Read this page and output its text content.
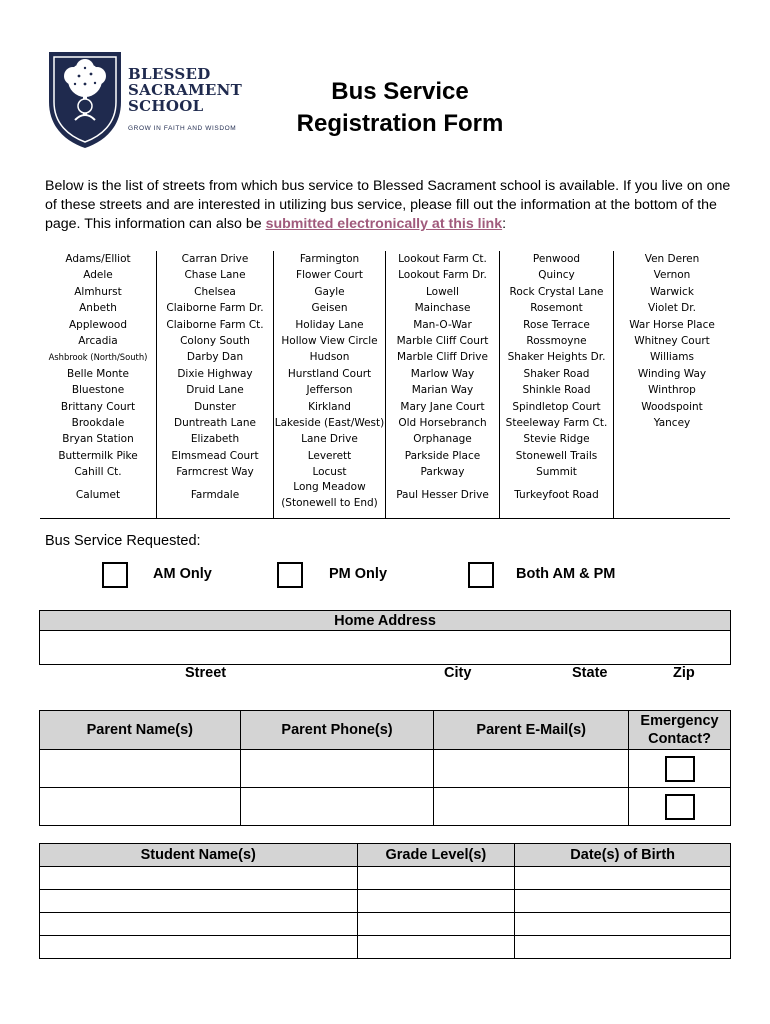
BLESSED
SACRAMENT
SCHOOL
GROW IN FAITH AND WISDOM
Bus Service
Registration Form

Below is the list of streets from which bus service to Blessed Sacrament school is available. If you live on one of these streets and are interested in utilizing bus service, please fill out the information at the bottom of the page. This information can also be submitted electronically at this link:

Adams/Elliot
Adele
Almhurst
Anbeth
Applewood
Arcadia
Ashbrook (North/South)
Belle Monte
Bluestone
Brittany Court
Brookdale
Bryan Station
Buttermilk Pike
Cahill Ct.
Calumet
Carran Drive
Chase Lane
Chelsea
Claiborne Farm Dr.
Claiborne Farm Ct.
Colony South
Darby Dan
Dixie Highway
Druid Lane
Dunster
Duntreath Lane
Elizabeth
Elmsmead Court
Farmcrest Way
Farmdale
Farmington
Flower Court
Gayle
Geisen
Holiday Lane
Hollow View Circle
Hudson
Hurstland Court
Jefferson
Kirkland
Lakeside (East/West)
Lane Drive
Leverett
Locust
Long Meadow (Stonewell to End)
Lookout Farm Ct.
Lookout Farm Dr.
Lowell
Mainchase
Man-O-War
Marble Cliff Court
Marble Cliff Drive
Marlow Way
Marian Way
Mary Jane Court
Old Horsebranch
Orphanage
Parkside Place
Parkway
Paul Hesser Drive
Penwood
Quincy
Rock Crystal Lane
Rosemont
Rose Terrace
Rossmoyne
Shaker Heights Dr.
Shaker Road
Shinkle Road
Spindletop Court
Steeleway Farm Ct.
Stevie Ridge
Stonewell Trails
Summit
Turkeyfoot Road
Ven Deren
Vernon
Warwick
Violet Dr.
War Horse Place
Whitney Court
Williams
Winding Way
Winthrop
Woodspoint
Yancey
Bus Service Requested:
AM Only	PM Only	Both AM & PM
Home Address

Street	City	State	Zip
Parent Name(s)	Parent Phone(s)	Parent E-Mail(s)	Emergency Contact?

Student Name(s)	Grade Level(s)	Date(s) of Birth
